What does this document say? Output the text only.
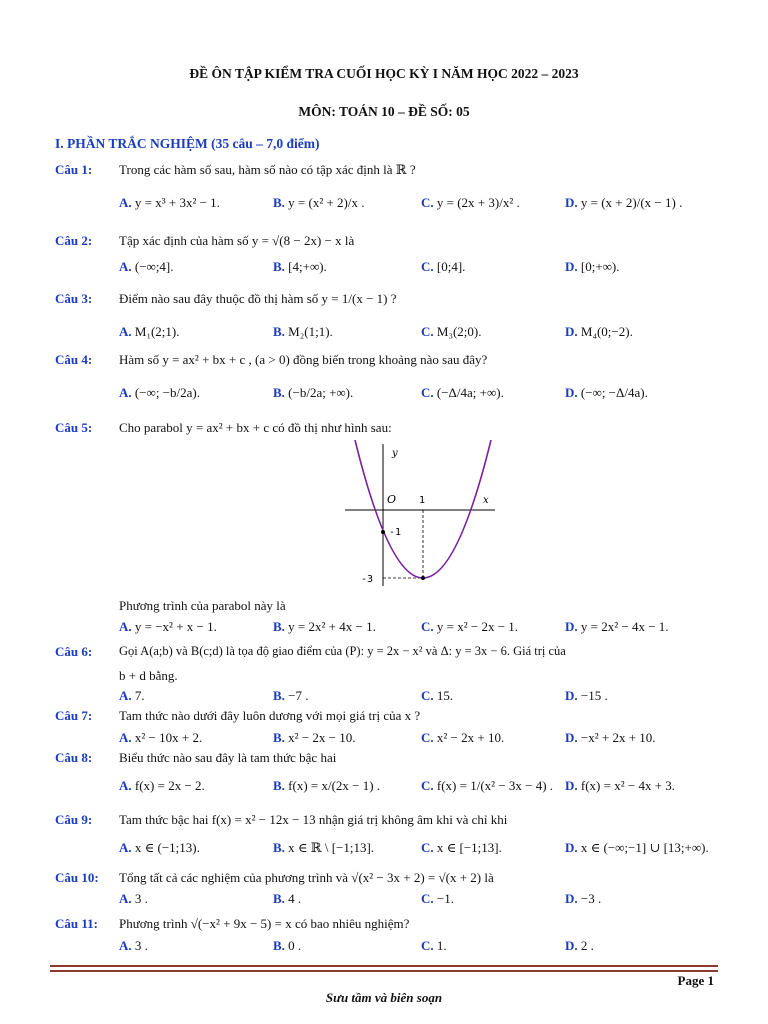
ĐỀ ÔN TẬP KIỂM TRA CUỐI HỌC KỲ I NĂM HỌC 2022 – 2023
MÔN: TOÁN 10 – ĐỀ SỐ: 05
I. PHẦN TRẮC NGHIỆM (35 câu – 7,0 điểm)
Câu 1: Trong các hàm số sau, hàm số nào có tập xác định là ℝ ?
A. y = x³ + 3x² − 1.	B. y = (x² + 2)/x .	C. y = (2x + 3)/x² .	D. y = (x + 2)/(x − 1) .
Câu 2: Tập xác định của hàm số y = √(8 − 2x) − x là
A. (−∞;4].	B. [4;+∞).	C. [0;4].	D. [0;+∞).
Câu 3: Điểm nào sau đây thuộc đồ thị hàm số y = 1/(x − 1) ?
A. M₁(2;1).	B. M₂(1;1).	C. M₃(2;0).	D. M₄(0;−2).
Câu 4: Hàm số y = ax² + bx + c , (a > 0) đồng biến trong khoảng nào sau đây?
A. (−∞; −b/2a).	B. (−b/2a; +∞).	C. (−Δ/4a; +∞).	D. (−∞; −Δ/4a).
Câu 5: Cho parabol y = ax² + bx + c có đồ thị như hình sau:
y
x
O 1
-1
-3
Phương trình của parabol này là
A. y = −x² + x − 1.	B. y = 2x² + 4x − 1.	C. y = x² − 2x − 1.	D. y = 2x² − 4x − 1.
Câu 6: Gọi A(a;b) và B(c;d) là tọa độ giao điểm của (P): y = 2x − x² và Δ: y = 3x − 6. Giá trị của
b + d bằng.
A. 7.	B. −7 .	C. 15.	D. −15 .
Câu 7: Tam thức nào dưới đây luôn dương với mọi giá trị của x ?
A. x² − 10x + 2.	B. x² − 2x − 10.	C. x² − 2x + 10.	D. −x² + 2x + 10.
Câu 8: Biểu thức nào sau đây là tam thức bậc hai
A. f(x) = 2x − 2.	B. f(x) = x/(2x − 1) .	C. f(x) = 1/(x² − 3x − 4) . D. f(x) = x² − 4x + 3.
Câu 9: Tam thức bậc hai f(x) = x² − 12x − 13 nhận giá trị không âm khi và chỉ khi
A. x ∈ (−1;13).	B. x ∈ ℝ \ [−1;13].	C. x ∈ [−1;13].	D. x ∈ (−∞;−1] ∪ [13;+∞).
Câu 10: Tổng tất cả các nghiệm của phương trình và √(x² − 3x + 2) = √(x + 2) là
A. 3 .	B. 4 .	C. −1.	D. −3 .
Câu 11: Phương trình √(−x² + 9x − 5) = x có bao nhiêu nghiệm?
A. 3 .	B. 0 .	C. 1.	D. 2 .
Page 1
Sưu tầm và biên soạn
